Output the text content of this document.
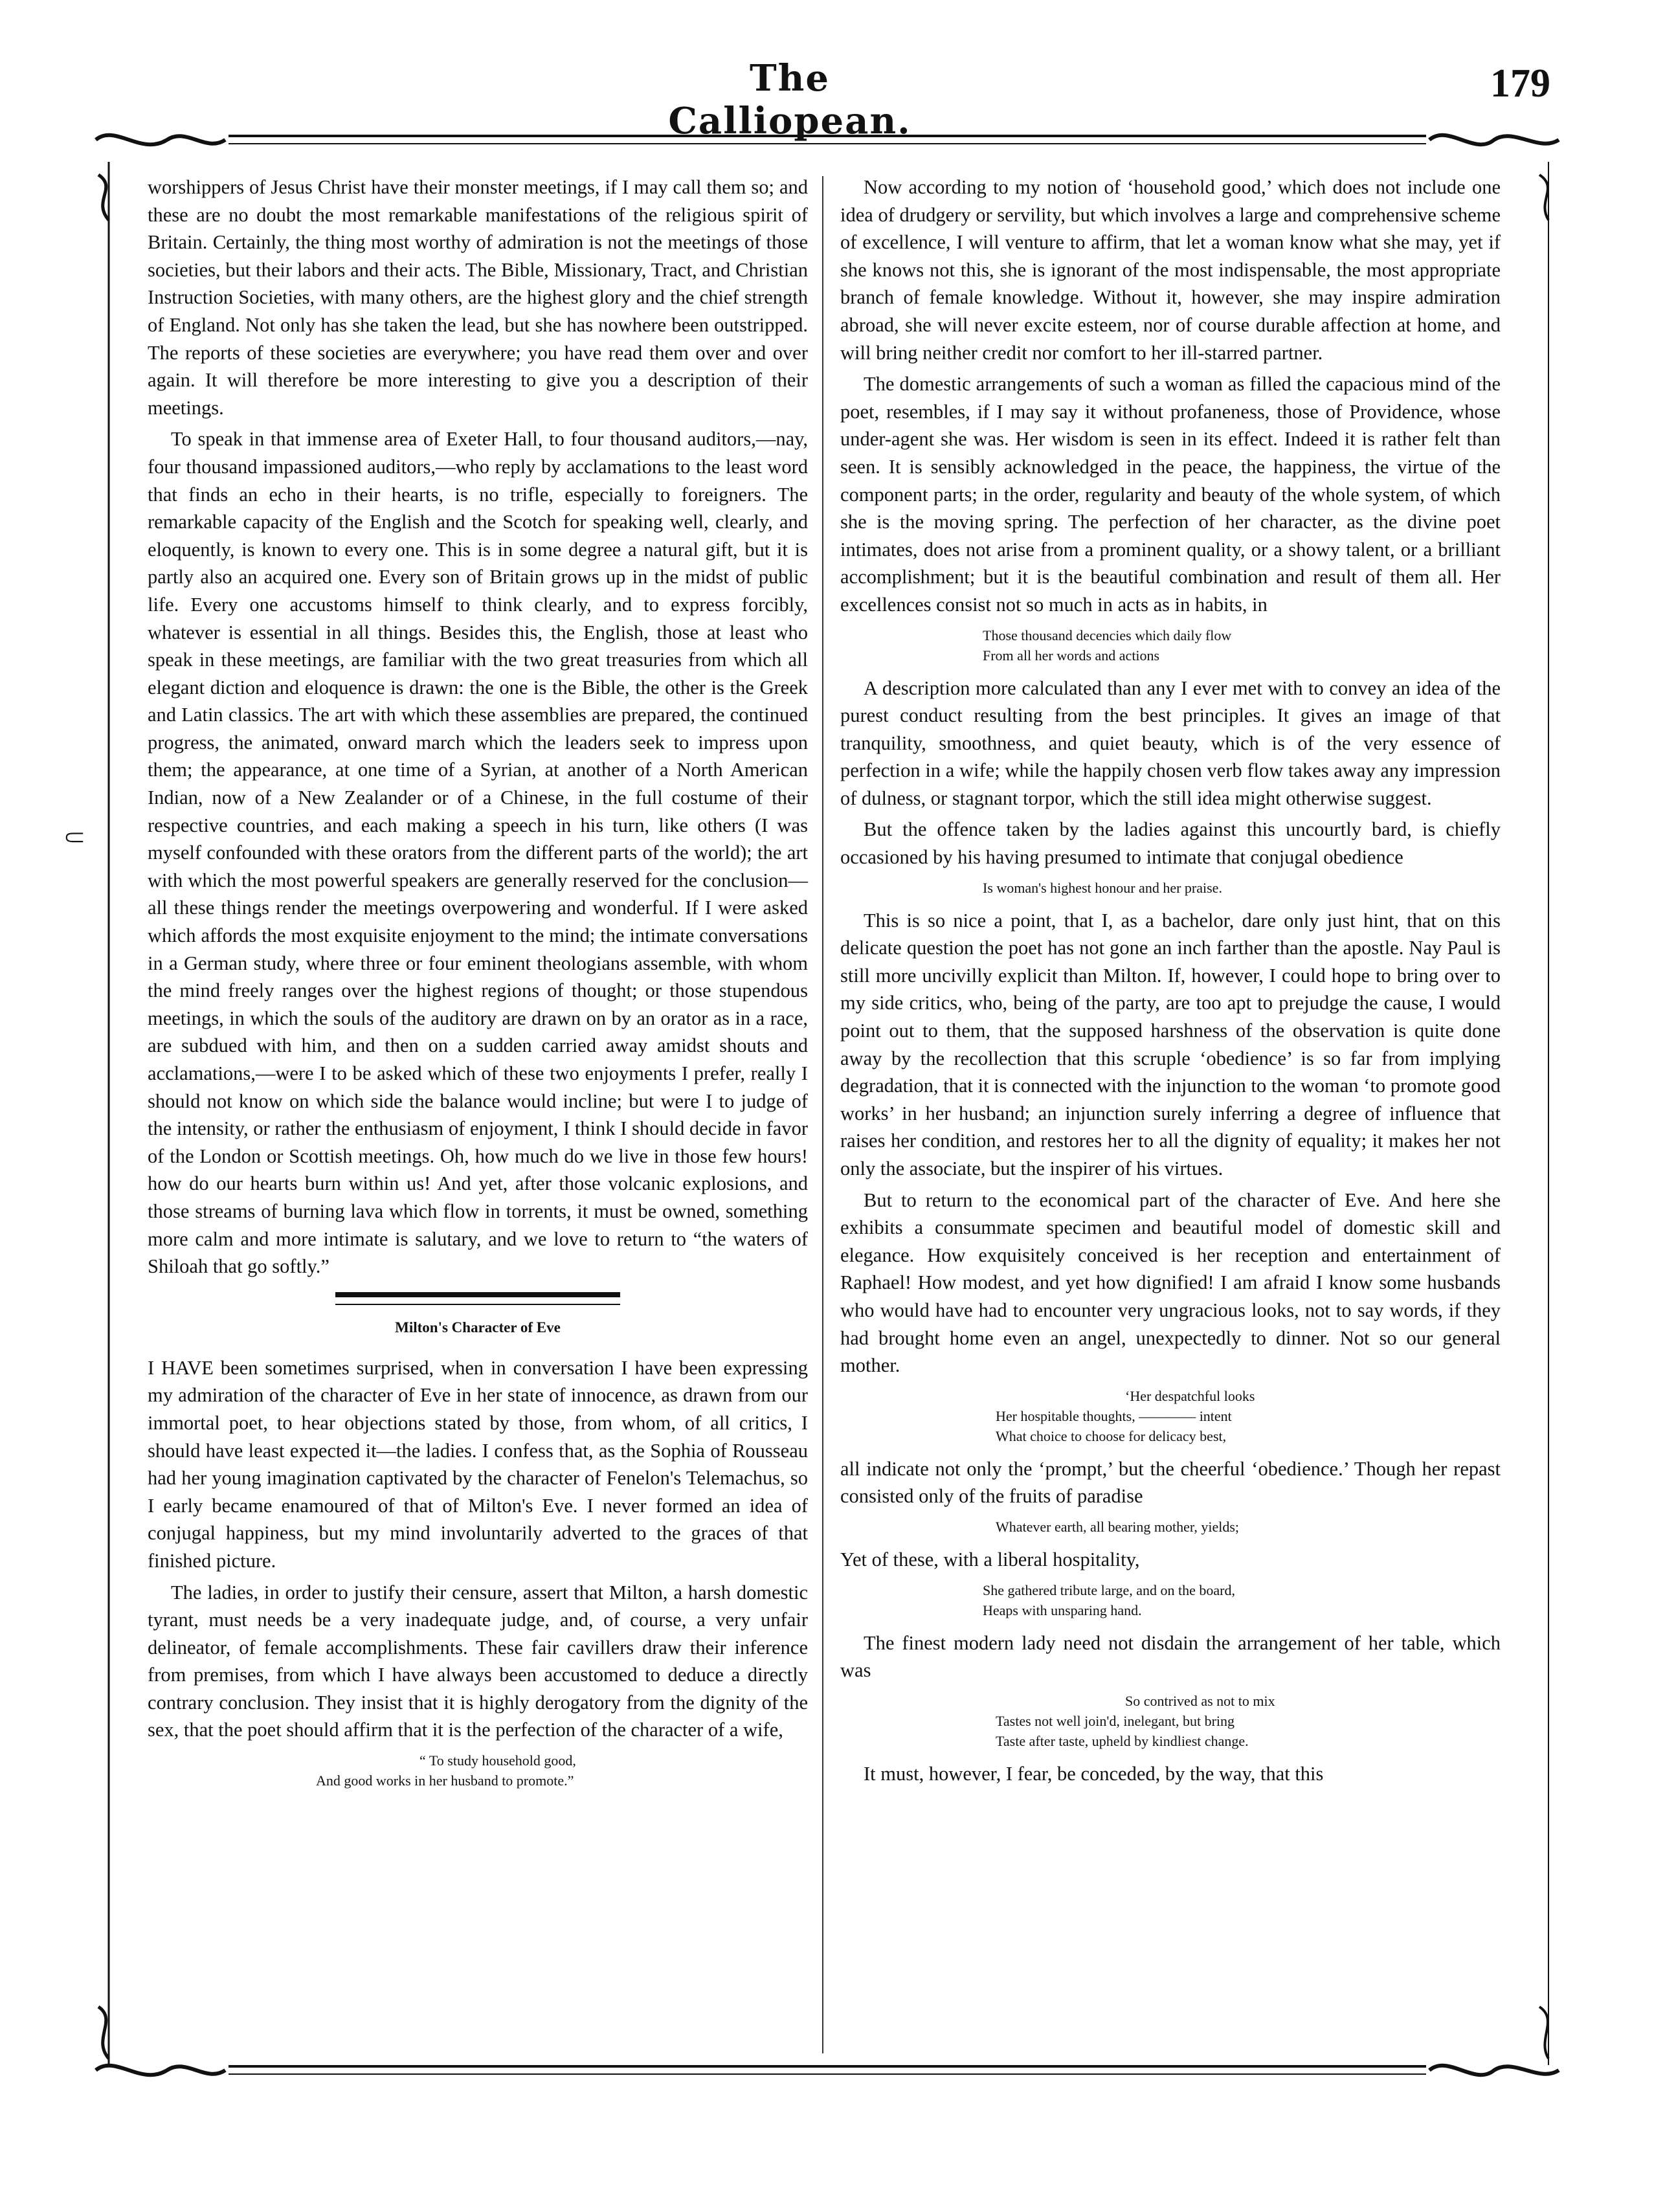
The Calliopean.
179
⸦

worshippers of Jesus Christ have their monster meetings, if I may call them so; and these are no doubt the most remarkable manifestations of the religious spirit of Britain. Certainly, the thing most worthy of admiration is not the meetings of those societies, but their labors and their acts. The Bible, Missionary, Tract, and Christian Instruction Societies, with many others, are the highest glory and the chief strength of England. Not only has she taken the lead, but she has nowhere been outstripped. The reports of these societies are everywhere; you have read them over and over again. It will therefore be more interesting to give you a description of their meetings.

To speak in that immense area of Exeter Hall, to four thousand auditors,—nay, four thousand impassioned auditors,—who reply by acclamations to the least word that finds an echo in their hearts, is no trifle, especially to foreigners. The remarkable capacity of the English and the Scotch for speaking well, clearly, and eloquently, is known to every one. This is in some degree a natural gift, but it is partly also an acquired one. Every son of Britain grows up in the midst of public life. Every one accustoms himself to think clearly, and to express forcibly, whatever is essential in all things. Besides this, the English, those at least who speak in these meetings, are familiar with the two great treasuries from which all elegant diction and eloquence is drawn: the one is the Bible, the other is the Greek and Latin classics. The art with which these assemblies are prepared, the continued progress, the animated, onward march which the leaders seek to impress upon them; the appearance, at one time of a Syrian, at another of a North American Indian, now of a New Zealander or of a Chinese, in the full costume of their respective countries, and each making a speech in his turn, like others (I was myself confounded with these orators from the different parts of the world); the art with which the most powerful speakers are generally reserved for the conclusion—all these things render the meetings overpowering and wonderful. If I were asked which affords the most exquisite enjoyment to the mind; the intimate conversations in a German study, where three or four eminent theologians assemble, with whom the mind freely ranges over the highest regions of thought; or those stupendous meetings, in which the souls of the auditory are drawn on by an orator as in a race, are subdued with him, and then on a sudden carried away amidst shouts and acclamations,—were I to be asked which of these two enjoyments I prefer, really I should not know on which side the balance would incline; but were I to judge of the intensity, or rather the enthusiasm of enjoyment, I think I should decide in favor of the London or Scottish meetings. Oh, how much do we live in those few hours! how do our hearts burn within us! And yet, after those volcanic explosions, and those streams of burning lava which flow in torrents, it must be owned, something more calm and more intimate is salutary, and we love to return to “the waters of Shiloah that go softly.”

Milton's Character of Eve

I HAVE been sometimes surprised, when in conversation I have been expressing my admiration of the character of Eve in her state of innocence, as drawn from our immortal poet, to hear objections stated by those, from whom, of all critics, I should have least expected it—the ladies. I confess that, as the Sophia of Rousseau had her young imagination captivated by the character of Fenelon's Telemachus, so I early became enamoured of that of Milton's Eve. I never formed an idea of conjugal happiness, but my mind involuntarily adverted to the graces of that finished picture.

The ladies, in order to justify their censure, assert that Milton, a harsh domestic tyrant, must needs be a very inadequate judge, and, of course, a very unfair delineator, of female accomplishments. These fair cavillers draw their inference from premises, from which I have always been accustomed to deduce a directly contrary conclusion. They insist that it is highly derogatory from the dignity of the sex, that the poet should affirm that it is the perfection of the character of a wife,

“ To study household good,
And good works in her husband to promote.”

Now according to my notion of ‘household good,’ which does not include one idea of drudgery or servility, but which involves a large and comprehensive scheme of excellence, I will venture to affirm, that let a woman know what she may, yet if she knows not this, she is ignorant of the most indispensable, the most appropriate branch of female knowledge. Without it, however, she may inspire admiration abroad, she will never excite esteem, nor of course durable affection at home, and will bring neither credit nor comfort to her ill-starred partner.

The domestic arrangements of such a woman as filled the capacious mind of the poet, resembles, if I may say it without profaneness, those of Providence, whose under-agent she was. Her wisdom is seen in its effect. Indeed it is rather felt than seen. It is sensibly acknowledged in the peace, the happiness, the virtue of the component parts; in the order, regularity and beauty of the whole system, of which she is the moving spring. The perfection of her character, as the divine poet intimates, does not arise from a prominent quality, or a showy talent, or a brilliant accomplishment; but it is the beautiful combination and result of them all. Her excellences consist not so much in acts as in habits, in

Those thousand decencies which daily flow
From all her words and actions

A description more calculated than any I ever met with to convey an idea of the purest conduct resulting from the best principles. It gives an image of that tranquility, smoothness, and quiet beauty, which is of the very essence of perfection in a wife; while the happily chosen verb flow takes away any impression of dulness, or stagnant torpor, which the still idea might otherwise suggest.

But the offence taken by the ladies against this uncourtly bard, is chiefly occasioned by his having presumed to intimate that conjugal obedience

Is woman's highest honour and her praise.

This is so nice a point, that I, as a bachelor, dare only just hint, that on this delicate question the poet has not gone an inch farther than the apostle. Nay Paul is still more uncivilly explicit than Milton. If, however, I could hope to bring over to my side critics, who, being of the party, are too apt to prejudge the cause, I would point out to them, that the supposed harshness of the observation is quite done away by the recollection that this scruple ‘obedience’ is so far from implying degradation, that it is connected with the injunction to the woman ‘to promote good works’ in her husband; an injunction surely inferring a degree of influence that raises her condition, and restores her to all the dignity of equality; it makes her not only the associate, but the inspirer of his virtues.

But to return to the economical part of the character of Eve. And here she exhibits a consummate specimen and beautiful model of domestic skill and elegance. How exquisitely conceived is her reception and entertainment of Raphael! How modest, and yet how dignified! I am afraid I know some husbands who would have had to encounter very ungracious looks, not to say words, if they had brought home even an angel, unexpectedly to dinner. Not so our general mother.

‘Her despatchful looks
Her hospitable thoughts, ———— intent
What choice to choose for delicacy best,

all indicate not only the ‘prompt,’ but the cheerful ‘obedience.’ Though her repast consisted only of the fruits of paradise

Whatever earth, all bearing mother, yields;

Yet of these, with a liberal hospitality,

She gathered tribute large, and on the board,
Heaps with unsparing hand.

The finest modern lady need not disdain the arrangement of her table, which was

So contrived as not to mix
Tastes not well join'd, inelegant, but bring
Taste after taste, upheld by kindliest change.

It must, however, I fear, be conceded, by the way, that this
